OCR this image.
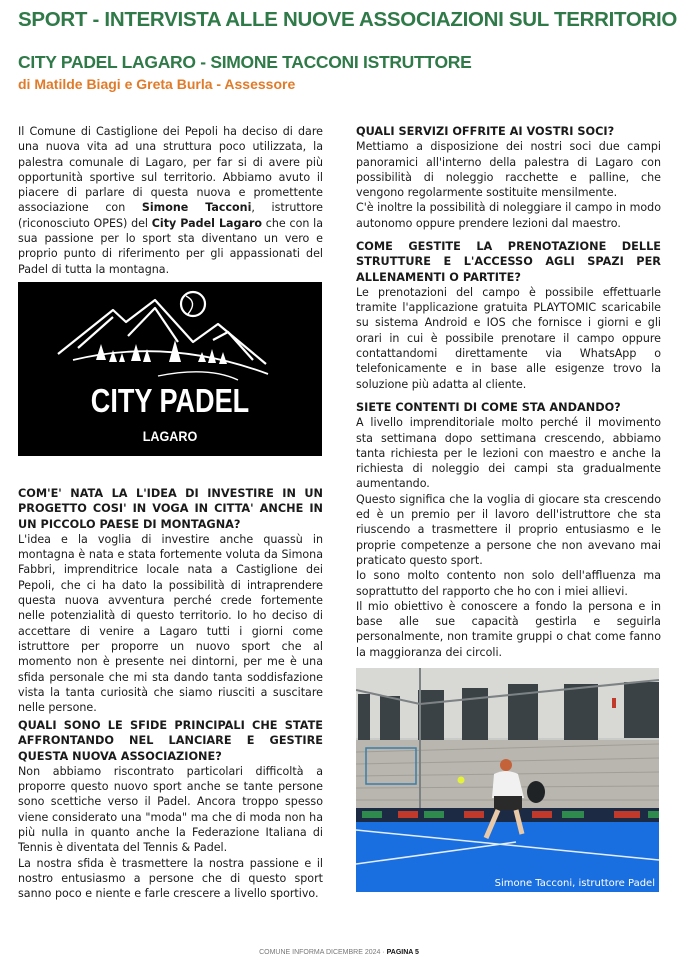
SPORT - INTERVISTA ALLE NUOVE ASSOCIAZIONI SUL TERRITORIO
CITY PADEL LAGARO - SIMONE TACCONI ISTRUTTORE
di Matilde Biagi e Greta Burla - Assessore

Il Comune di Castiglione dei Pepoli ha deciso di dare una nuova vita ad una struttura poco utilizzata, la palestra comunale di Lagaro, per far si di avere più opportunità sportive sul territorio. Abbiamo avuto il piacere di parlare di questa nuova e promettente associazione con Simone Tacconi, istruttore (riconosciuto OPES) del City Padel Lagaro che con la sua passione per lo sport sta diventano un vero e proprio punto di riferimento per gli appassionati del Padel di tutta la montagna.

CITY PADEL
LAGARO

COM'E' NATA LA L'IDEA DI INVESTIRE IN UN PROGETTO COSI' IN VOGA IN CITTA' ANCHE IN UN PICCOLO PAESE DI MONTAGNA?

L'idea e la voglia di investire anche quassù in montagna è nata e stata fortemente voluta da Simona Fabbri, imprenditrice locale nata a Castiglione dei Pepoli, che ci ha dato la possibilità di intraprendere questa nuova avventura perché crede fortemente nelle potenzialità di questo territorio. Io ho deciso di accettare di venire a Lagaro tutti i giorni come istruttore per proporre un nuovo sport che al momento non è presente nei dintorni, per me è una sfida personale che mi sta dando tanta soddisfazione vista la tanta curiosità che siamo riusciti a suscitare nelle persone.

QUALI SONO LE SFIDE PRINCIPALI CHE STATE AFFRONTANDO NEL LANCIARE E GESTIRE QUESTA NUOVA ASSOCIAZIONE?

Non abbiamo riscontrato particolari difficoltà a proporre questo nuovo sport anche se tante persone sono scettiche verso il Padel. Ancora troppo spesso viene considerato una "moda" ma che di moda non ha più nulla in quanto anche la Federazione Italiana di Tennis è diventata del Tennis & Padel.

La nostra sfida è trasmettere la nostra passione e il nostro entusiasmo a persone che di questo sport sanno poco e niente e farle crescere a livello sportivo.

QUALI SERVIZI OFFRITE AI VOSTRI SOCI?

Mettiamo a disposizione dei nostri soci due campi panoramici all'interno della palestra di Lagaro con possibilità di noleggio racchette e palline, che vengono regolarmente sostituite mensilmente.

C'è inoltre la possibilità di noleggiare il campo in modo autonomo oppure prendere lezioni dal maestro.

COME GESTITE LA PRENOTAZIONE DELLE STRUTTURE E L'ACCESSO AGLI SPAZI PER ALLENAMENTI O PARTITE?

Le prenotazioni del campo è possibile effettuarle tramite l'applicazione gratuita PLAYTOMIC scaricabile su sistema Android e IOS che fornisce i giorni e gli orari in cui è possibile prenotare il campo oppure contattandomi direttamente via WhatsApp o telefonicamente e in base alle esigenze trovo la soluzione più adatta al cliente.

SIETE CONTENTI DI COME STA ANDANDO?

A livello imprenditoriale molto perché il movimento sta settimana dopo settimana crescendo, abbiamo tanta richiesta per le lezioni con maestro e anche la richiesta di noleggio dei campi sta gradualmente aumentando.

Questo significa che la voglia di giocare sta crescendo ed è un premio per il lavoro dell'istruttore che sta riuscendo a trasmettere il proprio entusiasmo e le proprie competenze a persone che non avevano mai praticato questo sport.

Io sono molto contento non solo dell'affluenza ma soprattutto del rapporto che ho con i miei allievi.

Il mio obiettivo è conoscere a fondo la persona e in base alle sue capacità gestirla e seguirla personalmente, non tramite gruppi o chat come fanno la maggioranza dei circoli.

Simone Tacconi, istruttore Padel
COMUNE INFORMA DICEMBRE 2024 · PAGINA 5
